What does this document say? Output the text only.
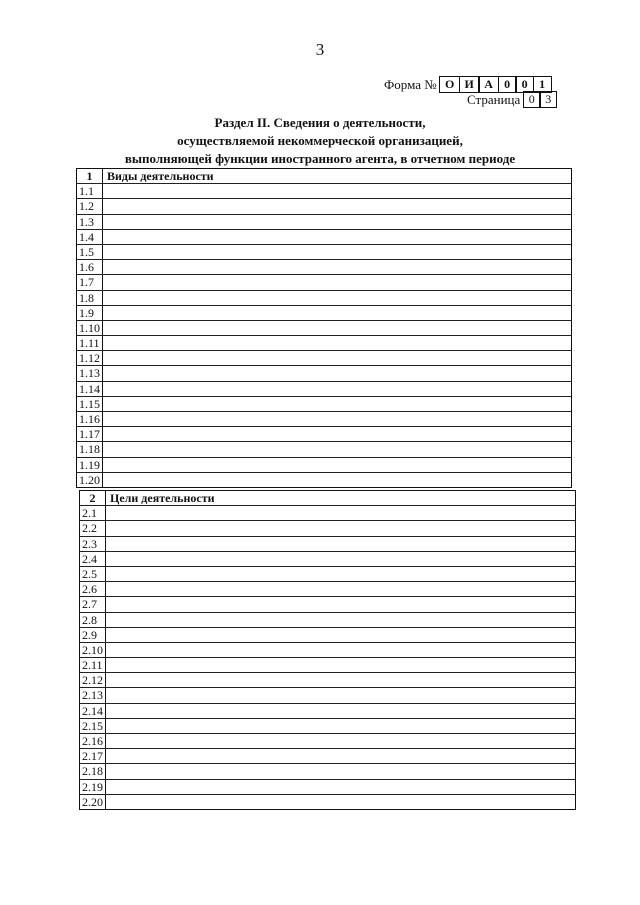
3
Форма № О И А 0 0 1
Страница 0 3
Раздел II. Сведения о деятельности,
осуществляемой некоммерческой организацией,
выполняющей функции иностранного агента, в отчетном периоде
1	Виды деятельности
1.1
1.2
1.3
1.4
1.5
1.6
1.7
1.8
1.9
1.10
1.11
1.12
1.13
1.14
1.15
1.16
1.17
1.18
1.19
1.20
2	Цели деятельности
2.1
2.2
2.3
2.4
2.5
2.6
2.7
2.8
2.9
2.10
2.11
2.12
2.13
2.14
2.15
2.16
2.17
2.18
2.19
2.20
